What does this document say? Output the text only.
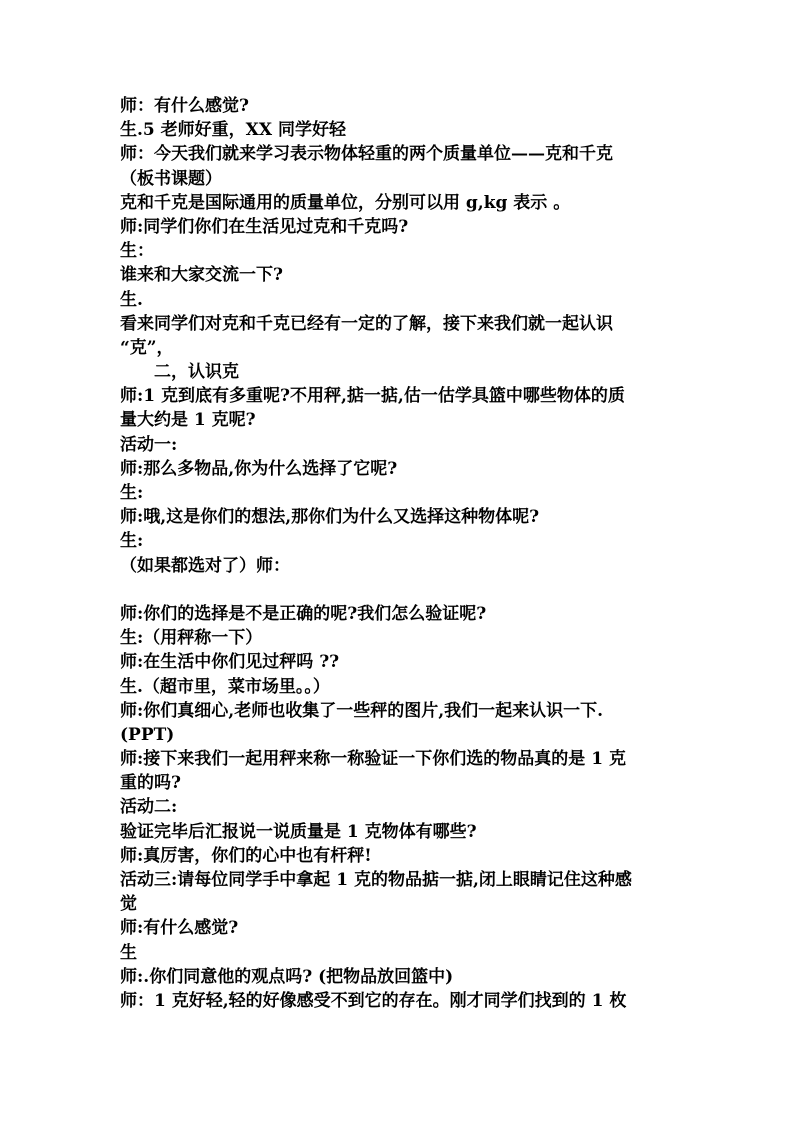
师：有什么感觉?
生.5 老师好重，XX 同学好轻
师：今天我们就来学习表示物体轻重的两个质量单位——克和千克
（板书课题）
克和千克是国际通用的质量单位，分别可以用 g,kg 表示 。
师:同学们你们在生活见过克和千克吗?
生：
谁来和大家交流一下?
生.
看来同学们对克和千克已经有一定的了解，接下来我们就一起认识
“克”，
二，认识克
师:1 克到底有多重呢?不用秤,掂一掂,估一估学具篮中哪些物体的质
量大约是 1 克呢?
活动一:
师:那么多物品,你为什么选择了它呢?
生:
师:哦,这是你们的想法,那你们为什么又选择这种物体呢?
生:
（如果都选对了）师：
师:你们的选择是不是正确的呢?我们怎么验证呢?
生:（用秤称一下）
师:在生活中你们见过秤吗 ??
生.（超市里，菜市场里。。）
师:你们真细心,老师也收集了一些秤的图片,我们一起来认识一下.
(PPT)
师:接下来我们一起用秤来称一称验证一下你们选的物品真的是 1 克
重的吗?
活动二:
验证完毕后汇报说一说质量是 1 克物体有哪些?
师:真厉害，你们的心中也有杆秤!
活动三:请每位同学手中拿起 1 克的物品掂一掂,闭上眼睛记住这种感
觉
师:有什么感觉?
生
师:.你们同意他的观点吗? (把物品放回篮中)
师：1 克好轻,轻的好像感受不到它的存在。刚才同学们找到的 1 枚
